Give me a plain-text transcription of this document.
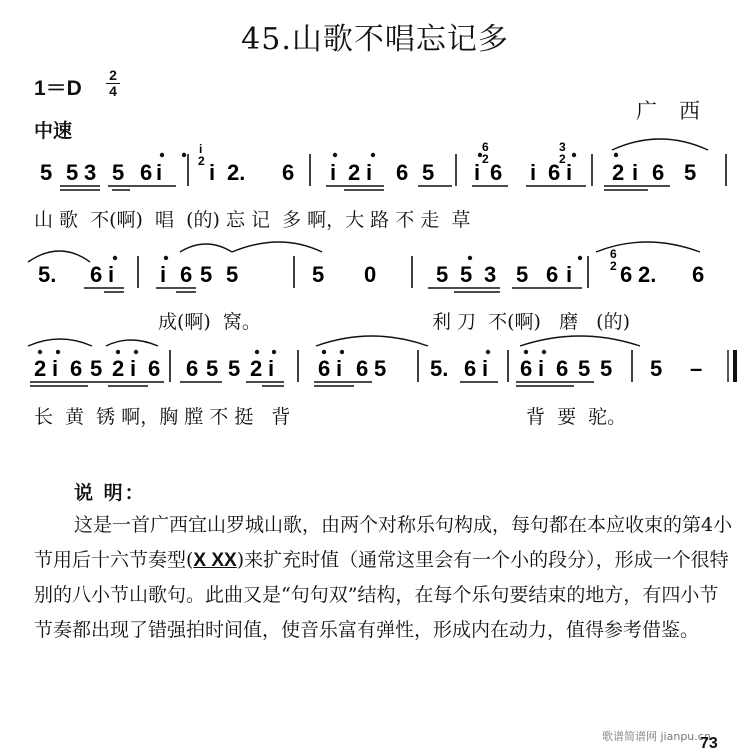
45.山歌不唱忘记多
1＝D
2
4
中速
广西
5 5 3 5 6 i i 2. 6 i 2 i 6 5 i 6 i 6 i 2 i 6 5
5. 6 i i 6 5 5	5 0	5 5 3 5 6 i 6 2. 6
2 i 6 5 2 i 6 6 5 5 2 i 6 i 6 5 5. 6 i 6 i 6 5 5 5 –
i
2
6
2
3
2
6
2
山 歌  不(啊)  唱  (的) 忘 记  多 啊，大 路 不 走  草
成(啊)  窝。	利 刀  不(啊)   磨   (的)
长  黄  锈 啊，胸 膛 不 挺   背	背  要  驼。
说 明：

这是一首广西宜山罗城山歌，由两个对称乐句构成，每句都在本应收束的第4小节用后十六节奏型(X XX)来扩充时值（通常这里会有一个小的段分），形成一个很特别的八小节山歌句。此曲又是“句句双”结构，在每个乐句要结束的地方，有四小节节奏都出现了错强拍时间值，使音乐富有弹性，形成内在动力，值得参考借鉴。

歌谱简谱网 jianpu.cn
73
